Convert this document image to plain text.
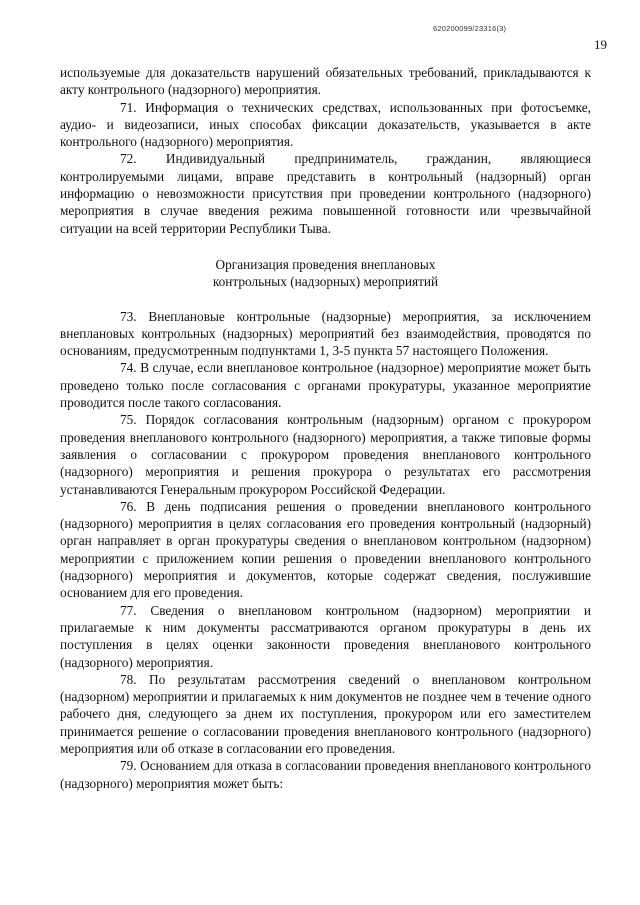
620200099/23316(3)
19

используемые для доказательств нарушений обязательных требований, прикладываются к акту контрольного (надзорного) мероприятия.

71. Информация о технических средствах, использованных при фотосъемке, аудио- и видеозаписи, иных способах фиксации доказательств, указывается в акте контрольного (надзорного) мероприятия.

72. Индивидуальный предприниматель, гражданин, являющиеся контролируемыми лицами, вправе представить в контрольный (надзорный) орган информацию о невозможности присутствия при проведении контрольного (надзорного) мероприятия в случае введения режима повышенной готовности или чрезвычайной ситуации на всей территории Республики Тыва.

Организация проведения внеплановых
контрольных (надзорных) мероприятий

73. Внеплановые контрольные (надзорные) мероприятия, за исключением внеплановых контрольных (надзорных) мероприятий без взаимодействия, проводятся по основаниям, предусмотренным подпунктами 1, 3-5 пункта 57 настоящего Положения.

74. В случае, если внеплановое контрольное (надзорное) мероприятие может быть проведено только после согласования с органами прокуратуры, указанное мероприятие проводится после такого согласования.

75. Порядок согласования контрольным (надзорным) органом с прокурором проведения внепланового контрольного (надзорного) мероприятия, а также типовые формы заявления о согласовании с прокурором проведения внепланового контрольного (надзорного) мероприятия и решения прокурора о результатах его рассмотрения устанавливаются Генеральным прокурором Российской Федерации.

76. В день подписания решения о проведении внепланового контрольного (надзорного) мероприятия в целях согласования его проведения контрольный (надзорный) орган направляет в орган прокуратуры сведения о внеплановом контрольном (надзорном) мероприятии с приложением копии решения о проведении внепланового контрольного (надзорного) мероприятия и документов, которые содержат сведения, послужившие основанием для его проведения.

77. Сведения о внеплановом контрольном (надзорном) мероприятии и прилагаемые к ним документы рассматриваются органом прокуратуры в день их поступления в целях оценки законности проведения внепланового контрольного (надзорного) мероприятия.

78. По результатам рассмотрения сведений о внеплановом контрольном (надзорном) мероприятии и прилагаемых к ним документов не позднее чем в течение одного рабочего дня, следующего за днем их поступления, прокурором или его заместителем принимается решение о согласовании проведения внепланового контрольного (надзорного) мероприятия или об отказе в согласовании его проведения.

79. Основанием для отказа в согласовании проведения внепланового контрольного (надзорного) мероприятия может быть:
